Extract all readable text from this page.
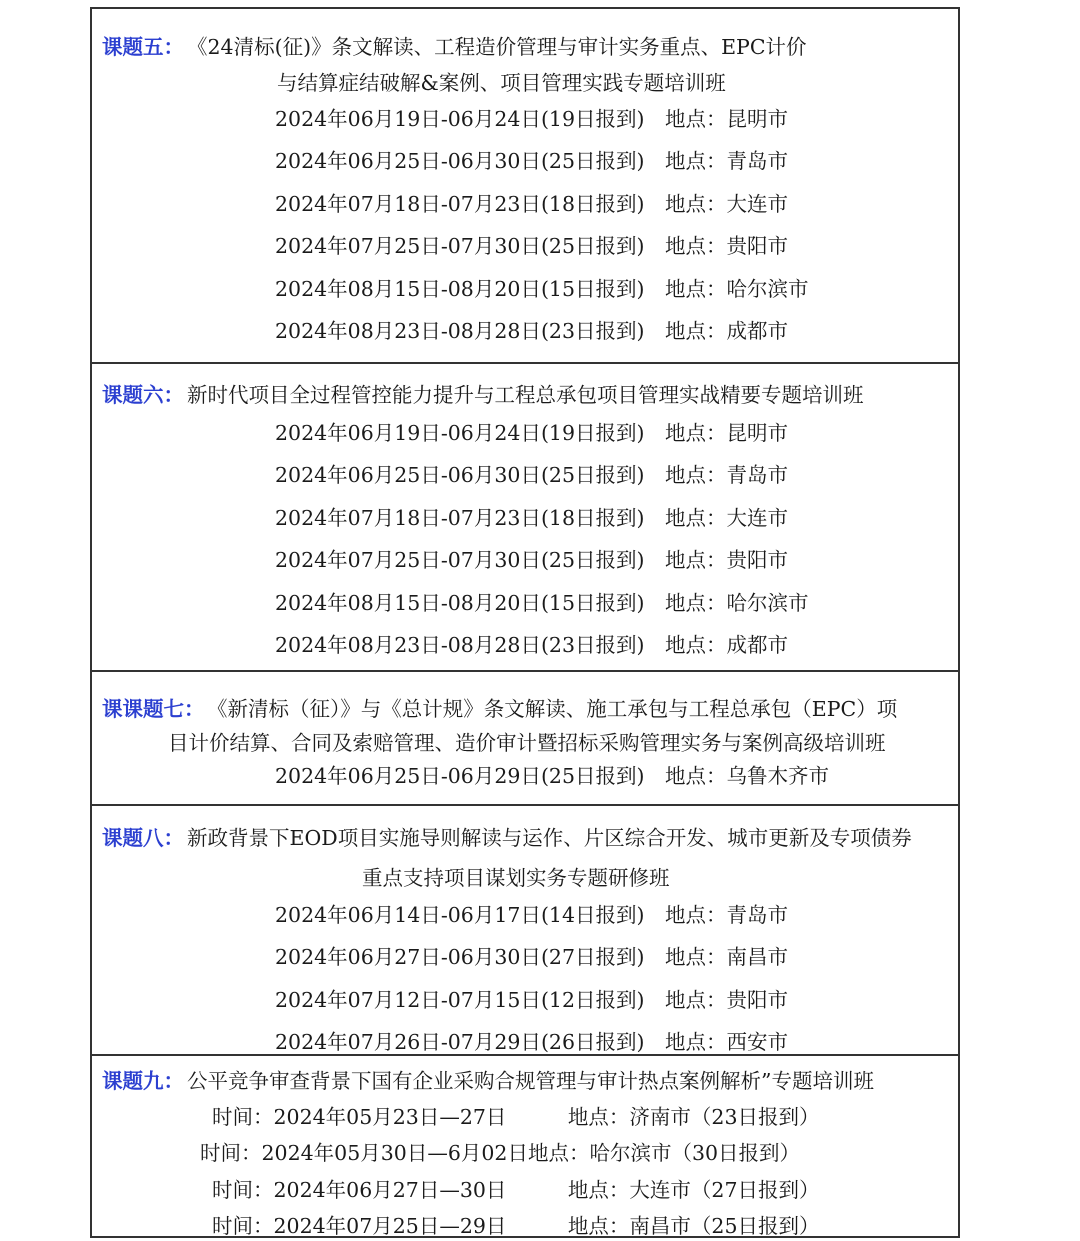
课题五： 《24清标(征)》条文解读、工程造价管理与审计实务重点、EPC计价
与结算症结破解&案例、项目管理实践专题培训班
2024年06月19日-06月24日(19日报到)　地点：昆明市
2024年06月25日-06月30日(25日报到)　地点：青岛市
2024年07月18日-07月23日(18日报到)　地点：大连市
2024年07月25日-07月30日(25日报到)　地点：贵阳市
2024年08月15日-08月20日(15日报到)　地点：哈尔滨市
2024年08月23日-08月28日(23日报到)　地点：成都市
课题六： 新时代项目全过程管控能力提升与工程总承包项目管理实战精要专题培训班
2024年06月19日-06月24日(19日报到)　地点：昆明市
2024年06月25日-06月30日(25日报到)　地点：青岛市
2024年07月18日-07月23日(18日报到)　地点：大连市
2024年07月25日-07月30日(25日报到)　地点：贵阳市
2024年08月15日-08月20日(15日报到)　地点：哈尔滨市
2024年08月23日-08月28日(23日报到)　地点：成都市
课课题七： 《新清标（征）》与《总计规》条文解读、施工承包与工程总承包（EPC）项
目计价结算、合同及索赔管理、造价审计暨招标采购管理实务与案例高级培训班
2024年06月25日-06月29日(25日报到)　地点：乌鲁木齐市
课题八： 新政背景下EOD项目实施导则解读与运作、片区综合开发、城市更新及专项债券
重点支持项目谋划实务专题研修班
2024年06月14日-06月17日(14日报到)　地点：青岛市
2024年06月27日-06月30日(27日报到)　地点：南昌市
2024年07月12日-07月15日(12日报到)　地点：贵阳市
2024年07月26日-07月29日(26日报到)　地点：西安市
课题九： 公平竞争审查背景下国有企业采购合规管理与审计热点案例解析”专题培训班
时间：2024年05月23日—27日　　　地点：济南市（23日报到）
时间：2024年05月30日—6月02日地点：哈尔滨市（30日报到）
时间：2024年06月27日—30日　　　地点：大连市（27日报到）
时间：2024年07月25日—29日　　　地点：南昌市（25日报到）
